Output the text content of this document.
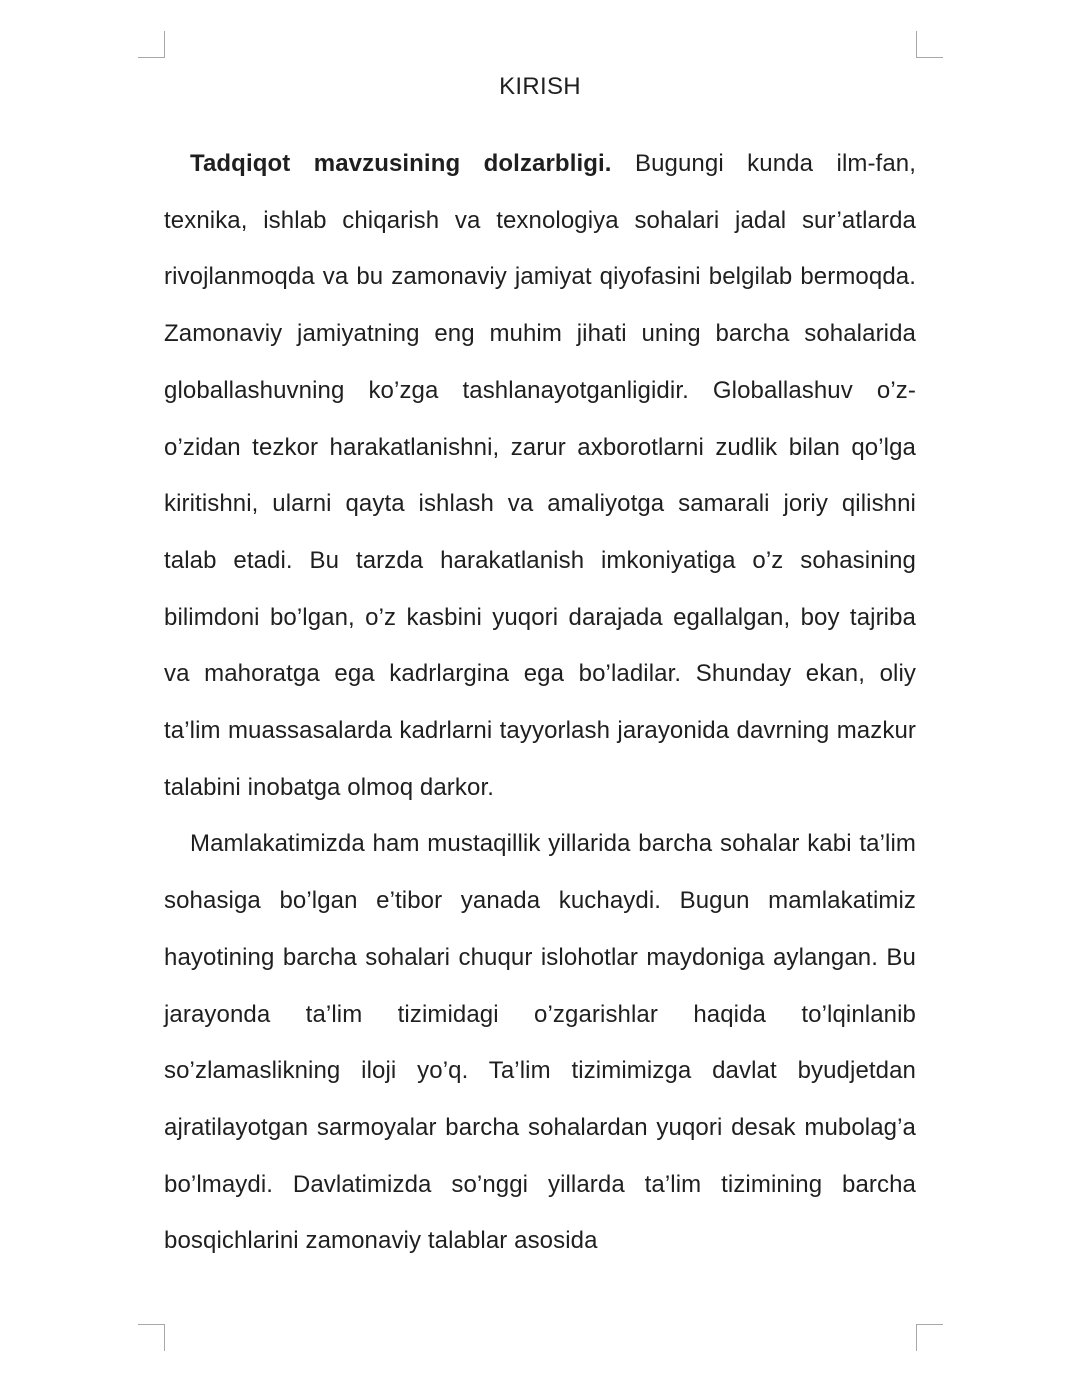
KIRISH

Tadqiqot mavzusining dolzarbligi. Bugungi kunda ilm-fan, texnika, ishlab chiqarish va texnologiya sohalari jadal sur’atlarda rivojlanmoqda va bu zamonaviy jamiyat qiyofasini belgilab bermoqda. Zamonaviy jamiyatning eng muhim jihati uning barcha sohalarida globallashuvning ko’zga tashlanayotganligidir. Globallashuv o’z-o’zidan tezkor harakatlanishni, zarur axborotlarni zudlik bilan qo’lga kiritishni, ularni qayta ishlash va amaliyotga samarali joriy qilishni talab etadi. Bu tarzda harakatlanish imkoniyatiga o’z sohasining bilimdoni bo’lgan, o’z kasbini yuqori darajada egallalgan, boy tajriba va mahoratga ega kadrlargina ega bo’ladilar. Shunday ekan, oliy ta’lim muassasalarda kadrlarni tayyorlash jarayonida davrning mazkur talabini inobatga olmoq darkor.

Mamlakatimizda ham mustaqillik yillarida barcha sohalar kabi ta’lim sohasiga bo’lgan e’tibor yanada kuchaydi. Bugun mamlakatimiz hayotining barcha sohalari chuqur islohotlar maydoniga aylangan. Bu jarayonda ta’lim tizimidagi o’zgarishlar haqida to’lqinlanib so’zlamaslikning iloji yo’q. Ta’lim tizimimizga davlat byudjetdan ajratilayotgan sarmoyalar barcha sohalardan yuqori desak mubolag’a bo’lmaydi. Davlatimizda so’nggi yillarda ta’lim tizimining barcha bosqichlarini zamonaviy talablar asosida
